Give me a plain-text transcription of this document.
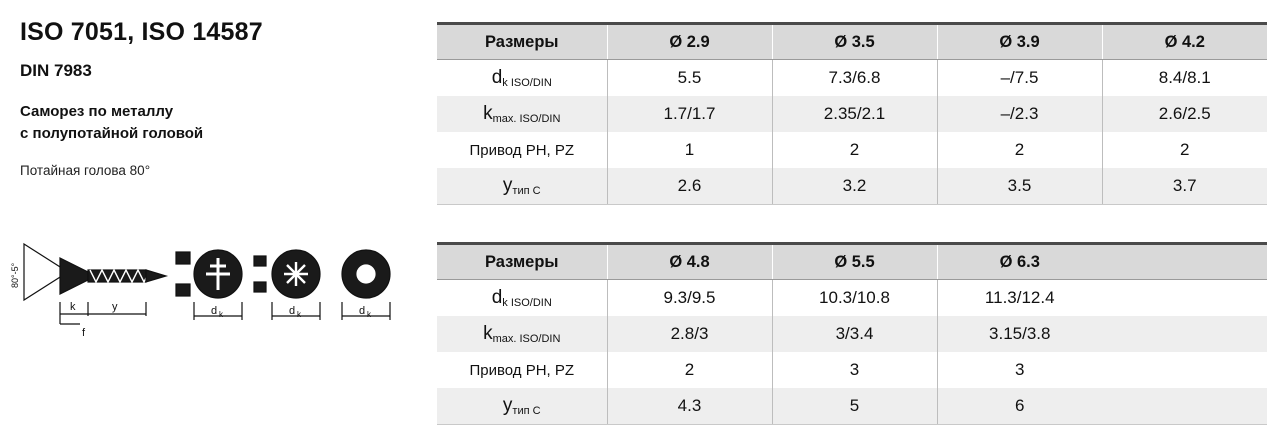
ISO 7051, ISO 14587
DIN 7983
Саморез по металлу
с полупотайной головой

Потайная голова 80°

80°-5°
k	y
f
d k	d k	d k
Размеры	Ø 2.9	Ø 3.5	Ø 3.9	Ø 4.2
dk ISO/DIN	5.5	7.3/6.8	–/7.5	8.4/8.1
kmax. ISO/DIN	1.7/1.7	2.35/2.1	–/2.3	2.6/2.5
Привод PH, PZ	1	2	2	2
yтип C	2.6	3.2	3.5	3.7
Размеры	Ø 4.8	Ø 5.5	Ø 6.3	
dk ISO/DIN	9.3/9.5	10.3/10.8	11.3/12.4	
kmax. ISO/DIN	2.8/3	3/3.4	3.15/3.8	
Привод PH, PZ	2	3	3	
yтип C	4.3	5	6	
